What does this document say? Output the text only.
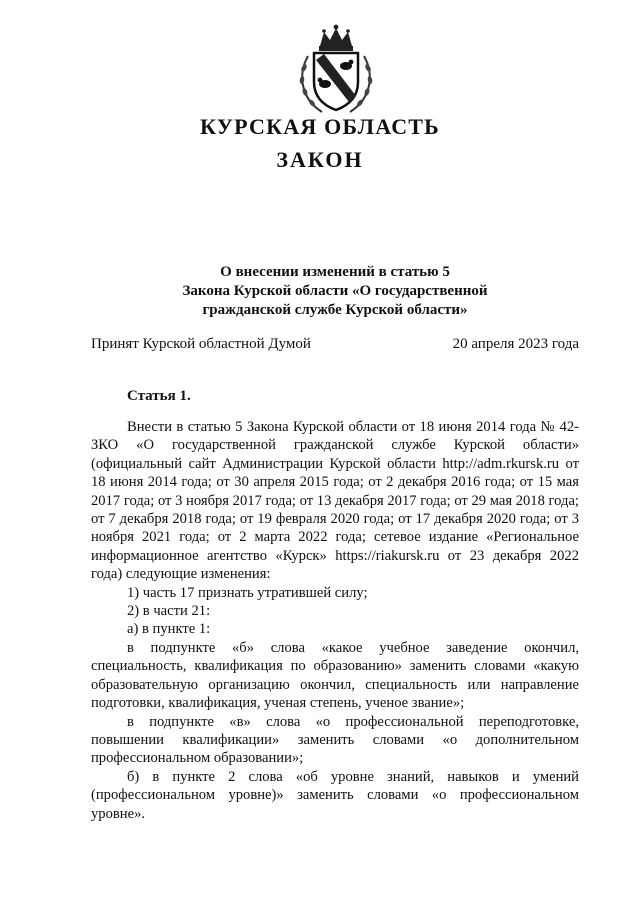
КУРСКАЯ ОБЛАСТЬ
ЗАКОН
О внесении изменений в статью 5
Закона Курской области «О государственной
гражданской службе Курской области»
Принят Курской областной Думой	20 апреля 2023 года
Статья 1.

Внести в статью 5 Закона Курской области от 18 июня 2014 года № 42-ЗКО «О государственной гражданской службе Курской области» (официальный сайт Администрации Курской области http://adm.rkursk.ru от 18 июня 2014 года; от 30 апреля 2015 года; от 2 декабря 2016 года; от 15 мая 2017 года; от 3 ноября 2017 года; от 13 декабря 2017 года; от 29 мая 2018 года; от 7 декабря 2018 года; от 19 февраля 2020 года; от 17 декабря 2020 года; от 3 ноября 2021 года; от 2 марта 2022 года; сетевое издание «Региональное информационное агентство «Курск» https://riakursk.ru от 23 декабря 2022 года) следующие изменения:

1) часть 17 признать утратившей силу;

2) в части 21:

а) в пункте 1:

в подпункте «б» слова «какое учебное заведение окончил, специальность, квалификация по образованию» заменить словами «какую образовательную организацию окончил, специальность или направление подготовки, квалификация, ученая степень, ученое звание»;

в подпункте «в» слова «о профессиональной переподготовке, повышении квалификации» заменить словами «о дополнительном профессиональном образовании»;

б) в пункте 2 слова «об уровне знаний, навыков и умений (профессиональном уровне)» заменить словами «о профессиональном уровне».
